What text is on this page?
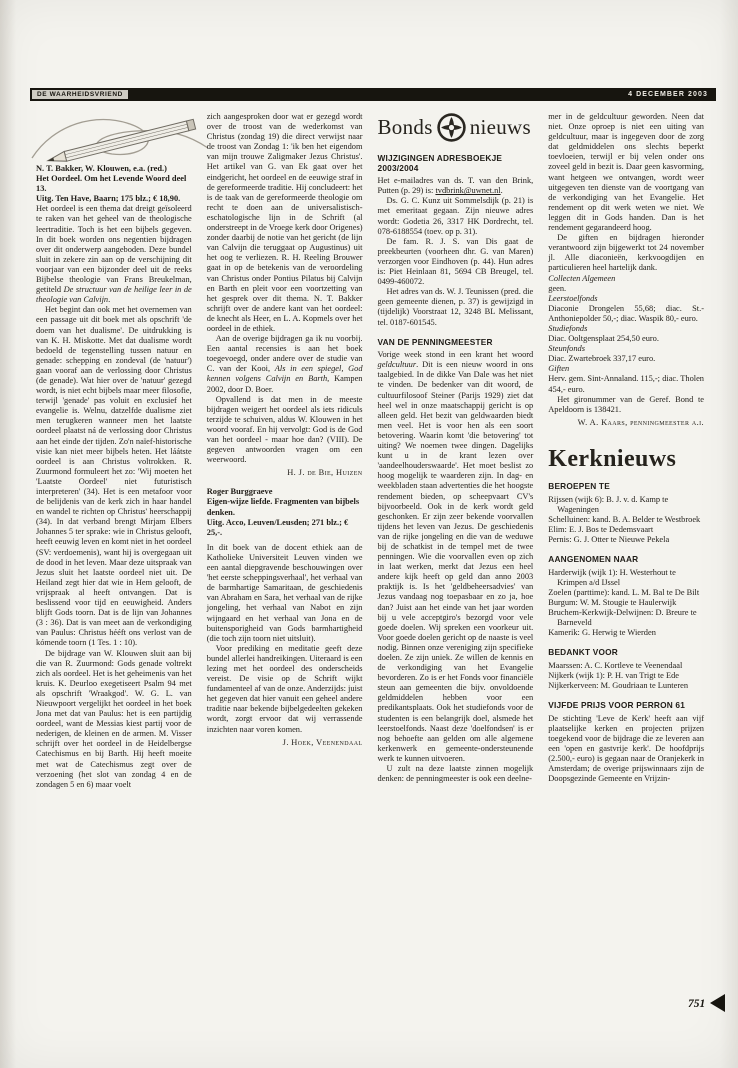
DE WAARHEIDSVRIEND	4 DECEMBER 2003
N. T. Bakker, W. Klouwen, e.a. (red.)
Het Oordeel. Om het Levende Woord deel 13.
Uitg. Ten Have, Baarn; 175 blz.; € 18,90.
Het oordeel is een thema dat dreigt geïsoleerd te raken van het geheel van de theologische leertraditie. Toch is het een bijbels gegeven. In dit boek worden ons negentien bijdragen over dit onderwerp aangeboden. Deze bundel sluit in zekere zin aan op de verschijning dit voorjaar van een bijzonder deel uit de reeks Bijbelse theologie van Frans Breukelman, getiteld De structuur van de heilige leer in de theologie van Calvijn.
Het begint dan ook met het overnemen van een passage uit dit boek met als opschrift 'de doem van het dualisme'. De uitdrukking is van K. H. Miskotte. Met dat dualisme wordt bedoeld de tegenstelling tussen natuur en genade: schepping en zondeval (de 'natuur') gaan vooraf aan de verlossing door Christus (de genade). Wat hier over de 'natuur' gezegd wordt, is niet echt bijbels maar meer filosofie, terwijl 'genade' pas voluit en exclusief het evangelie is. Welnu, datzelfde dualisme ziet men terugkeren wanneer men het laatste oordeel plaatst ná de verlossing door Christus aan het einde der tijden. Zo'n naïef-historische visie kan niet meer bijbels heten. Het láátste oordeel is aan Christus voltrokken. R. Zuurmond formuleert het zo: 'Wij moeten het 'Laatste Oordeel' niet futuristisch interpreteren' (34). Het is een metafoor voor de belijdenis van de kerk zich in haar handel en wandel te richten op Christus' heerschappij (34). In dat verband brengt Mirjam Elbers Johannes 5 ter sprake: wie in Christus gelooft, heeft eeuwig leven en komt niet in het oordeel (SV: verdoemenis), want hij is overgegaan uit de dood in het leven. Maar deze uitspraak van Jezus sluit het laatste oordeel niet uit. De Heiland zegt hier dat wie in Hem gelooft, de vrijspraak al heeft ontvangen. Dat is beslissend voor tijd en eeuwigheid. Anders blijft Gods toorn. Dat is de lijn van Johannes (3 : 36). Dat is van meet aan de verkondiging van Paulus: Christus hééft ons verlost van de kómende toorn (1 Tes. 1 : 10).
De bijdrage van W. Klouwen sluit aan bij die van R. Zuurmond: Gods genade voltrekt zich als oordeel. Het is het geheimenis van het kruis. K. Deurloo exegetiseert Psalm 94 met als opschrift 'Wraakgod'. W. G. L. van Nieuwpoort vergelijkt het oordeel in het boek Jona met dat van Paulus: het is een partijdig oordeel, want de Messias kiest partij voor de nederigen, de kleinen en de armen. M. Visser schrijft over het oordeel in de Heidelbergse Catechismus en bij Barth. Hij heeft moeite met wat de Catechismus zegt over de verzoening (het slot van zondag 4 en de zondagen 5 en 6) maar voelt
zich aangesproken door wat er gezegd wordt over de troost van de wederkomst van Christus (zondag 19) die direct verwijst naar de troost van Zondag 1: 'ik ben het eigendom van mijn trouwe Zaligmaker Jezus Christus'. Het artikel van G. van Ek gaat over het eindgericht, het oordeel en de eeuwige straf in de gereformeerde traditie. Hij concludeert: het is de taak van de gereformeerde theologie om recht te doen aan de universalistisch-eschatologische lijn in de Schrift (al onderstreept in de Vroege kerk door Origenes) zonder daarbij de notie van het gericht (de lijn van Calvijn die teruggaat op Augustinus) uit het oog te verliezen. R. H. Reeling Brouwer gaat in op de betekenis van de veroordeling van Christus onder Pontius Pilatus bij Calvijn en Barth en pleit voor een voortzetting van het gesprek over dit thema. N. T. Bakker schrijft over de andere kant van het oordeel: de knecht als Heer, en L. A. Kopmels over het oordeel in de ethiek.
Aan de overige bijdragen ga ik nu voorbij. Een aantal recensies is aan het boek toegevoegd, onder andere over de studie van C. van der Kooi, Als in een spiegel, God kennen volgens Calvijn en Barth, Kampen 2002, door D. Boer.
Opvallend is dat men in de meeste bijdragen weigert het oordeel als iets ridiculs terzijde te schuiven, aldus W. Klouwen in het woord vooraf. En hij vervolgt: God is de God van het oordeel - maar hoe dan? (VIII). De gegeven antwoorden vragen om een weerwoord.
H. J. de Bie, Huizen
Roger Burggraeve
Eigen-wijze liefde. Fragmenten van bijbels denken.
Uitg. Acco, Leuven/Leusden; 271 blz.; € 25,-.
In dit boek van de docent ethiek aan de Katholieke Universiteit Leuven vinden we een aantal diepgravende beschouwingen over 'het eerste scheppingsverhaal', het verhaal van de barmhartige Samaritaan, de geschiedenis van Abraham en Sara, het verhaal van de rijke jongeling, het verhaal van Nabot en zijn wijngaard en het verhaal van Jona en de buitensporigheid van Gods barmhartigheid (die toch zijn toorn niet uitsluit).
Voor prediking en meditatie geeft deze bundel allerlei handreikingen. Uiteraard is een lezing met het oordeel des onderscheids vereist. De visie op de Schrift wijkt fundamenteel af van de onze. Anderzijds: juist het gegeven dat hier vanuit een geheel andere traditie naar bekende bijbelgedeelten gekeken wordt, zorgt ervoor dat wij verrassende inzichten naar voren komen.
J. Hoek, Veenendaal
Bonds nieuws
WIJZIGINGEN ADRESBOEKJE 2003/2004
Het e-mailadres van ds. T. van den Brink, Putten (p. 29) is: tvdbrink@uwnet.nl.
Ds. G. C. Kunz uit Sommelsdijk (p. 21) is met emeritaat gegaan. Zijn nieuwe adres wordt: Godetia 26, 3317 HK Dordrecht, tel. 078-6188554 (toev. op p. 31).
De fam. R. J. S. van Dis gaat de preekbeurten (voorheen dhr. G. van Maren) verzorgen voor Eindhoven (p. 44). Hun adres is: Piet Heinlaan 81, 5694 CB Breugel, tel. 0499-460072.
Het adres van ds. W. J. Teunissen (pred. die geen gemeente dienen, p. 37) is gewijzigd in (tijdelijk) Voorstraat 12, 3248 BL Melissant, tel. 0187-601545.
VAN DE PENNINGMEESTER
Vorige week stond in een krant het woord geldcultuur. Dit is een nieuw woord in ons taalgebied. In de dikke Van Dale was het niet te vinden. De bedenker van dit woord, de cultuurfilosoof Steiner (Parijs 1929) ziet dat heel wel in onze maatschappij gericht is op alleen geld. Het bezit van geldwaarden biedt men veel. Het is voor hen als een soort betovering. Waarin komt 'die betovering' tot uiting? We noemen twee dingen. Dagelijks kunt u in de krant lezen over 'aandeelhouderswaarde'. Het moet beslist zo hoog mogelijk te waarderen zijn. In dag- en weekbladen staan advertenties die het hoogste rendement bieden, op scheepvaart CV's bijvoorbeeld. Ook in de kerk wordt geld geschonken. Er zijn zeer bekende voorvallen tijdens het leven van Jezus. De geschiedenis van de rijke jongeling en die van de weduwe bij de schatkist in de tempel met de twee penningen. Wie die voorvallen even op zich in laat werken, merkt dat Jezus een heel andere kijk heeft op geld dan anno 2003 praktijk is. Is het 'geldbeheersadvies' van Jezus vandaag nog toepasbaar en zo ja, hoe dan? Juist aan het einde van het jaar worden bij u vele acceptgiro's bezorgd voor vele goede doelen. Wij spreken een voorkeur uit. Voor goede doelen gericht op de naaste is veel nodig. Binnen onze vereniging zijn specifieke doelen. Ze zijn uniek. Ze willen de kennis en de verkondiging van het Evangelie bevorderen. Zo is er het Fonds voor financiële steun aan gemeenten die bijv. onvoldoende geldmiddelen hebben voor een predikantsplaats. Ook het studiefonds voor de studenten is een belangrijk doel, alsmede het leerstoelfonds. Naast deze 'doelfondsen' is er nog behoefte aan gelden om alle algemene kerkenwerk en gemeente-ondersteunende werk te kunnen uitvoeren.
U zult na deze laatste zinnen mogelijk denken: de penningmeester is ook een deelne-
mer in de geldcultuur geworden. Neen dat niet. Onze oproep is niet een uiting van geldcultuur, maar is ingegeven door de zorg dat geldmiddelen ons slechts beperkt toevloeien, terwijl er bij velen onder ons zoveel geld in bezit is. Daar geen kasvorming, want hetgeen we ontvangen, wordt weer uitgegeven ten dienste van de voortgang van de verkondiging van het Evangelie. Het rendement op dit werk weten we niet. We leggen dit in Gods handen. Dan is het rendement gegarandeerd hoog.
De giften en bijdragen hieronder verantwoord zijn bijgewerkt tot 24 november jl. Alle diaconieën, kerkvoogdijen en particulieren heel hartelijk dank.
Collecten Algemeen
geen.
Leerstoelfonds
Diaconie Drongelen 55,68; diac. St.-Anthoniepolder 50,-; diac. Waspik 80,- euro.
Studiefonds
Diac. Ooltgensplaat 254,50 euro.
Steunfonds
Diac. Zwartebroek 337,17 euro.
Giften
Herv. gem. Sint-Annaland. 115,-; diac. Tholen 454,- euro.
Het gironummer van de Geref. Bond te Apeldoorn is 138421.
W. A. Kaars, penningmeester a.i.
Kerknieuws
BEROEPEN TE
Rijssen (wijk 6): B. J. v. d. Kamp te Wageningen
Schelluinen: kand. B. A. Belder te Westbroek
Elim: E. J. Bos te Dedemsvaart
Pernis: G. J. Otter te Nieuwe Pekela
AANGENOMEN NAAR
Harderwijk (wijk 1): H. Westerhout te Krimpen a/d IJssel
Zoelen (parttime): kand. L. M. Bal te De Bilt
Burgum: W. M. Stougie te Haulerwijk
Bruchem-Kerkwijk-Delwijnen: D. Breure te Barneveld
Kamerik: G. Herwig te Wierden
BEDANKT VOOR
Maarssen: A. C. Kortleve te Veenendaal
Nijkerk (wijk 1): P. H. van Trigt te Ede
Nijkerkerveen: M. Goudriaan te Lunteren
VIJFDE PRIJS VOOR PERRON 61
De stichting 'Leve de Kerk' heeft aan vijf plaatselijke kerken en projecten prijzen toegekend voor de bijdrage die ze leveren aan een 'open en gastvrije kerk'. De hoofdprijs (2.500,- euro) is gegaan naar de Oranjekerk in Amsterdam; de overige prijswinnaars zijn de Doopsgezinde Gemeente en Vrijzin-
751
